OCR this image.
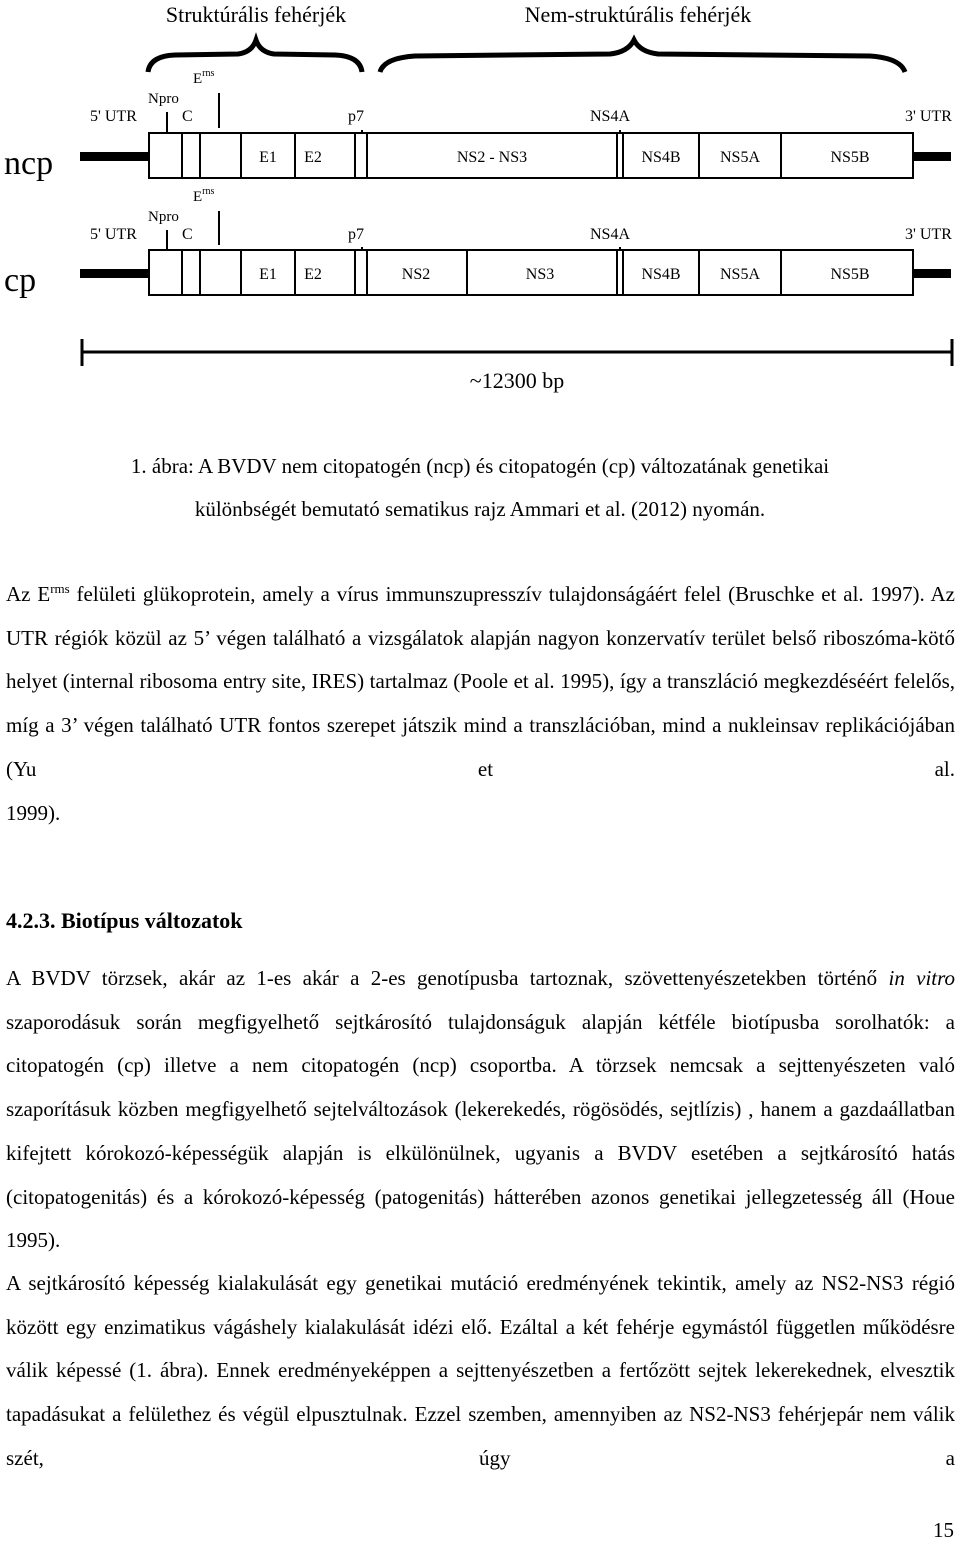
Struktúrális fehérjék	Nem-struktúrális fehérjék
ncp
$E^{rns}$
Npro
5' UTR	C	p7	NS4A	3' UTR
E1 E2	NS2 - NS3	NS4B NS5A	NS5B
cp
$E^{rns}$
Npro
5' UTR	C	p7	NS4A	3' UTR
E1 E2	NS2	NS3	NS4B NS5A	NS5B
~12300 bp
1. ábra: A BVDV nem citopatogén (ncp) és citopatogén (cp) változatának genetikai
különbségét bemutató sematikus rajz Ammari et al. (2012) nyomán.

Az $E^{rms}$ felületi glükoprotein, amely a vírus immunszupresszív tulajdonságáért felel (Bruschke et al. 1997). Az UTR régiók közül az 5’ végen található a vizsgálatok alapján nagyon konzervatív terület belső riboszóma-kötő helyet (internal ribosoma entry site, IRES) tartalmaz (Poole et al. 1995), így a transzláció megkezdéséért felelős, míg a 3’ végen található UTR fontos szerepet játszik mind a transzlációban, mind a nukleinsav replikációjában (Yu et al.
1999).

4.2.3. Biotípus változatok

A BVDV törzsek, akár az 1-es akár a 2-es genotípusba tartoznak, szövettenyészetekben történő in vitro szaporodásuk során megfigyelhető sejtkárosító tulajdonságuk alapján kétféle biotípusba sorolhatók: a citopatogén (cp) illetve a nem citopatogén (ncp) csoportba. A törzsek nemcsak a sejttenyészeten való szaporításuk közben megfigyelhető sejtelváltozások (lekerekedés, rögösödés, sejtlízis) , hanem a gazdaállatban kifejtett kórokozó-képességük alapján is elkülönülnek, ugyanis a BVDV esetében a sejtkárosító hatás (citopatogenitás) és a kórokozó-képesség (patogenitás) hátterében azonos genetikai jellegzetesség áll (Houe 1995).

A sejtkárosító képesség kialakulását egy genetikai mutáció eredményének tekintik, amely az NS2-NS3 régió között egy enzimatikus vágáshely kialakulását idézi elő. Ezáltal a két fehérje egymástól független működésre válik képessé (1. ábra). Ennek eredményeképpen a sejttenyészetben a fertőzött sejtek lekerekednek, elvesztik tapadásukat a felülethez és végül elpusztulnak. Ezzel szemben, amennyiben az NS2-NS3 fehérjepár nem válik szét, úgy a

15
